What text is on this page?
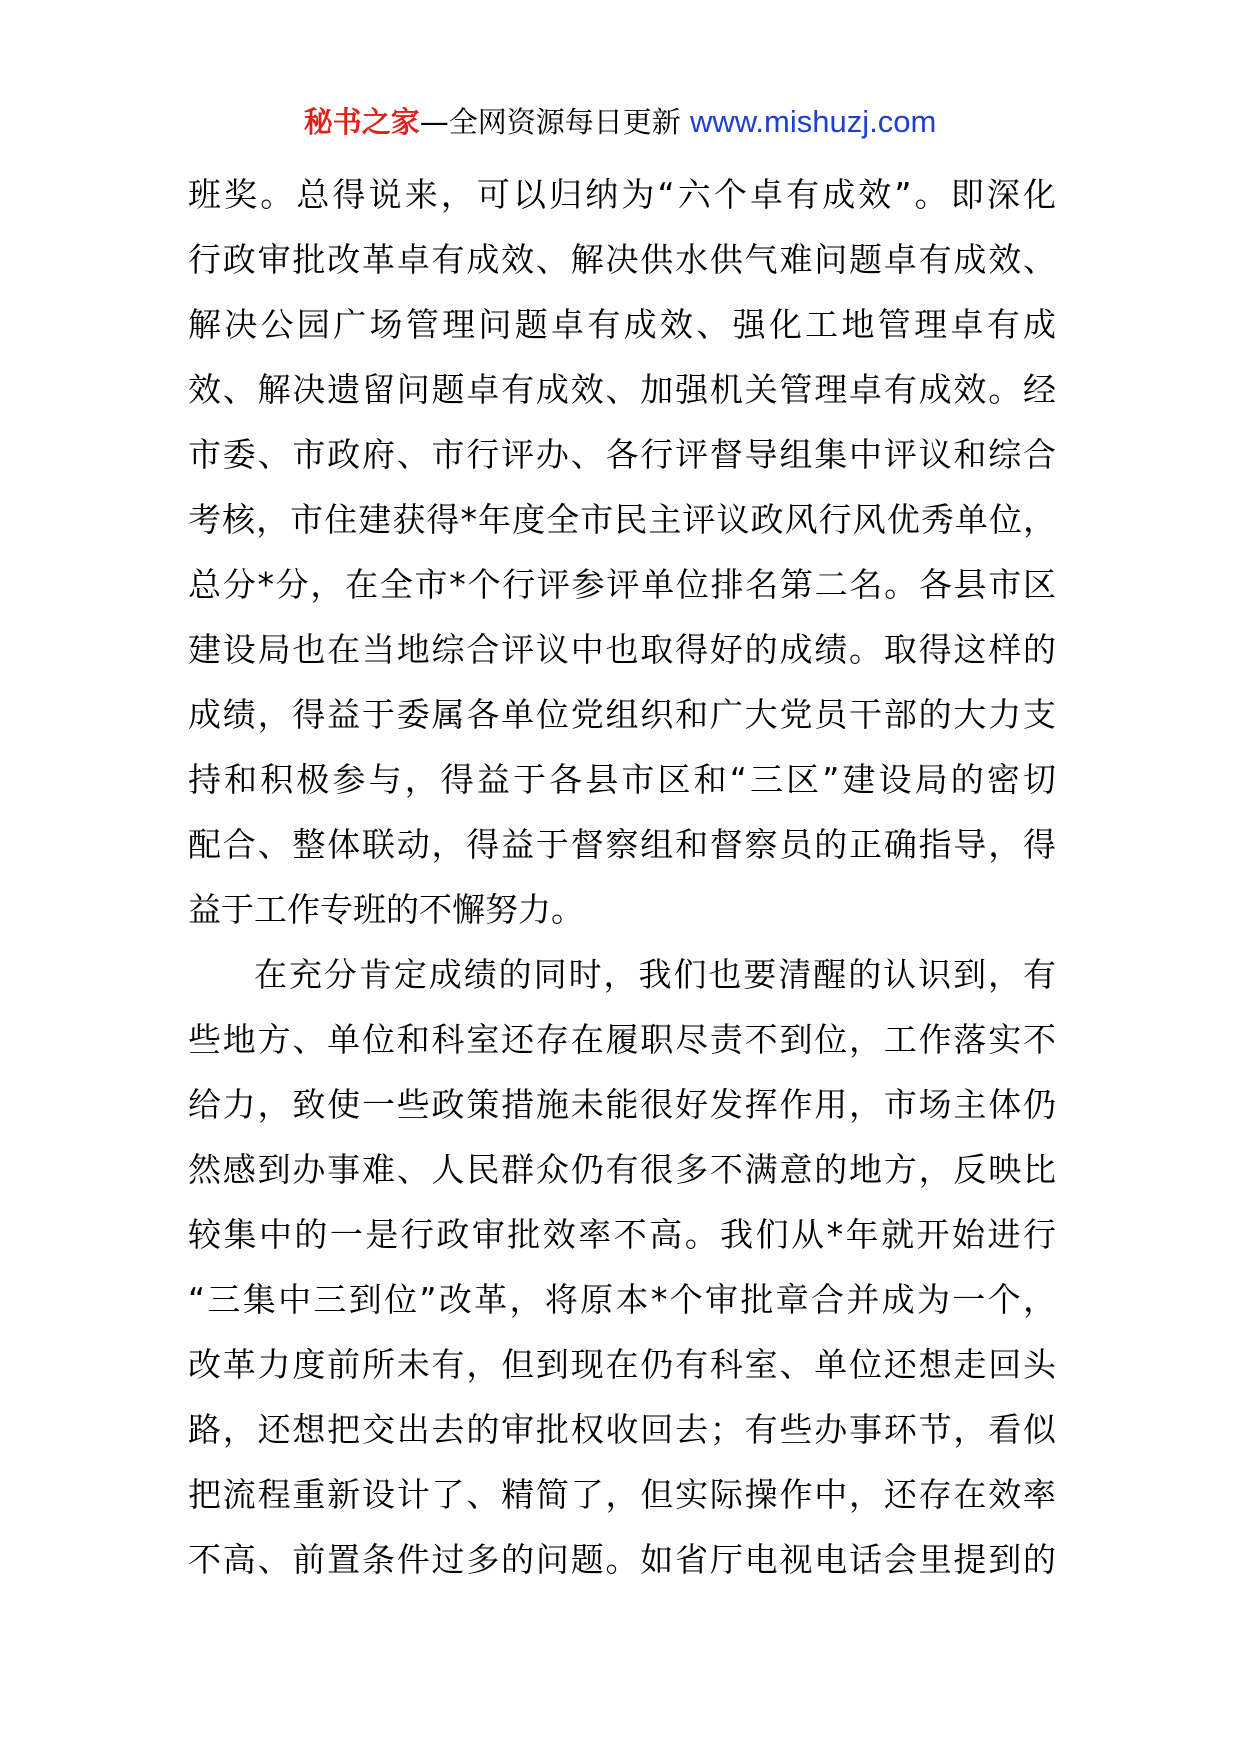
秘书之家—全网资源每日更新 www.mishuzj.com
班奖。总得说来，可以归纳为“六个卓有成效”。即深化
行政审批改革卓有成效、解决供水供气难问题卓有成效、
解决公园广场管理问题卓有成效、强化工地管理卓有成
效、解决遗留问题卓有成效、加强机关管理卓有成效。经
市委、市政府、市行评办、各行评督导组集中评议和综合
考核，市住建获得*年度全市民主评议政风行风优秀单位，
总分*分，在全市*个行评参评单位排名第二名。各县市区
建设局也在当地综合评议中也取得好的成绩。取得这样的
成绩，得益于委属各单位党组织和广大党员干部的大力支
持和积极参与，得益于各县市区和“三区”建设局的密切
配合、整体联动，得益于督察组和督察员的正确指导，得
益于工作专班的不懈努力。
在充分肯定成绩的同时，我们也要清醒的认识到，有
些地方、单位和科室还存在履职尽责不到位，工作落实不
给力，致使一些政策措施未能很好发挥作用，市场主体仍
然感到办事难、人民群众仍有很多不满意的地方，反映比
较集中的一是行政审批效率不高。我们从*年就开始进行
“三集中三到位”改革，将原本*个审批章合并成为一个，
改革力度前所未有，但到现在仍有科室、单位还想走回头
路，还想把交出去的审批权收回去；有些办事环节，看似
把流程重新设计了、精简了，但实际操作中，还存在效率
不高、前置条件过多的问题。如省厅电视电话会里提到的
